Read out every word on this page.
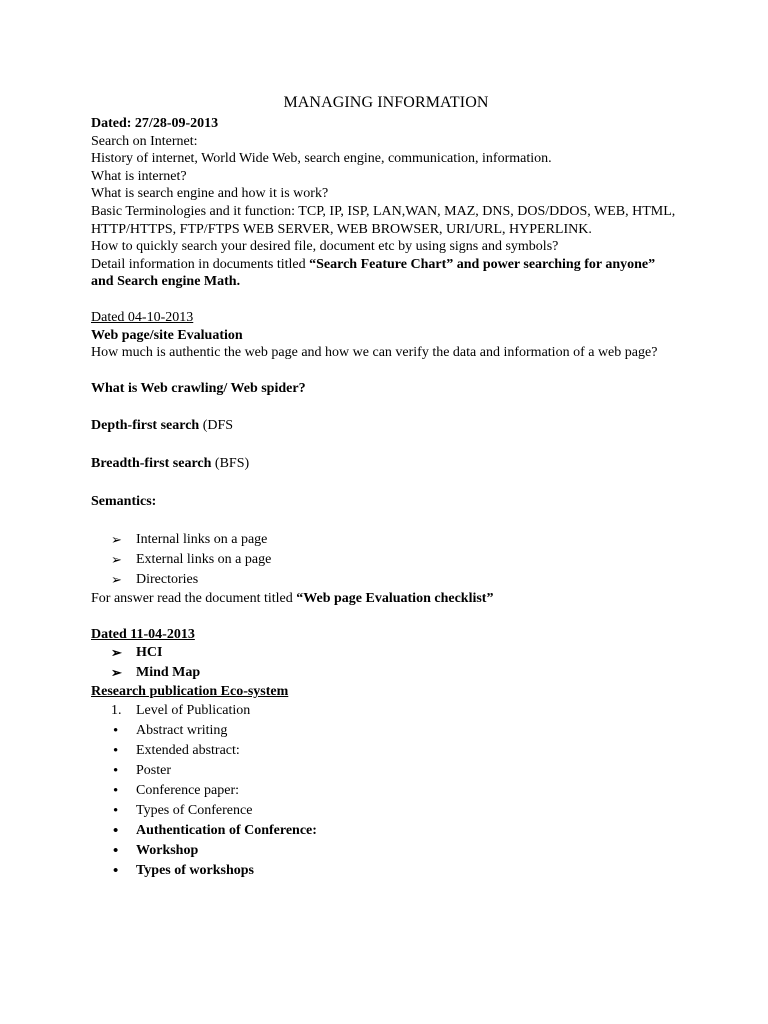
MANAGING INFORMATION
Dated: 27/28-09-2013
Search on Internet:
History of internet, World Wide Web, search engine, communication, information.
What is internet?
What is search engine and how it is work?
Basic Terminologies and it function: TCP, IP, ISP, LAN,WAN, MAZ, DNS, DOS/DDOS, WEB, HTML, HTTP/HTTPS, FTP/FTPS WEB SERVER, WEB BROWSER, URI/URL, HYPERLINK.
How to quickly search your desired file, document etc by using signs and symbols?
Detail information in documents titled “Search Feature Chart” and power searching for anyone” and Search engine Math.
Dated 04-10-2013
Web page/site Evaluation
How much is authentic the web page and how we can verify the data and information of a web page?
What is Web crawling/ Web spider?
Depth-first search (DFS
Breadth-first search (BFS)
Semantics:
➢ Internal links on a page
➢ External links on a page
➢ Directories
For answer read the document titled “Web page Evaluation checklist”
Dated 11-04-2013
➢ HCI
➢ Mind Map
Research publication Eco-system
1. Level of Publication
• Abstract writing
• Extended abstract:
• Poster
• Conference paper:
• Types of Conference
• Authentication of Conference:
• Workshop
• Types of workshops
